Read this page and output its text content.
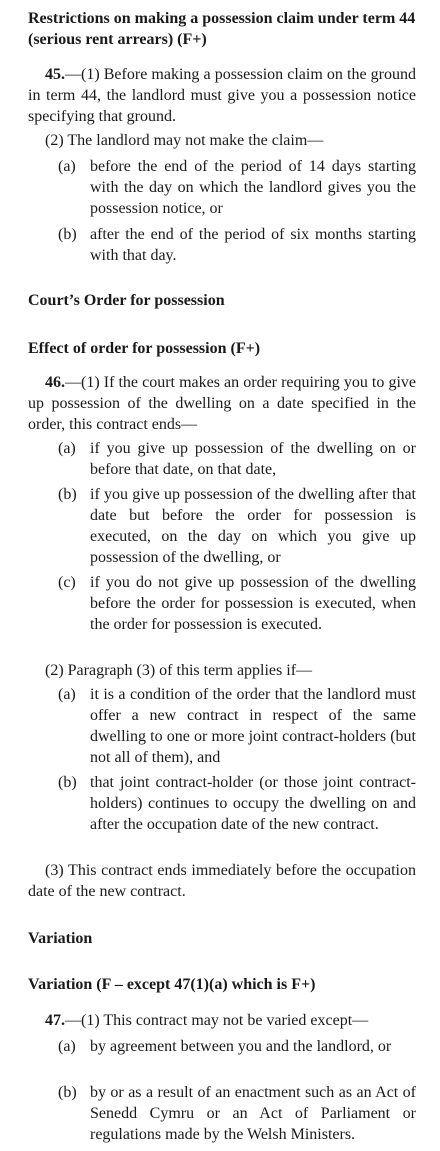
Restrictions on making a possession claim under term 44 (serious rent arrears) (F+)

45.—(1) Before making a possession claim on the ground in term 44, the landlord must give you a possession notice specifying that ground.

(2) The landlord may not make the claim—

(a) before the end of the period of 14 days starting with the day on which the landlord gives you the possession notice, or
(b) after the end of the period of six months starting with that day.

Court’s Order for possession

Effect of order for possession (F+)

46.—(1) If the court makes an order requiring you to give up possession of the dwelling on a date specified in the order, this contract ends—

(a) if you give up possession of the dwelling on or before that date, on that date,
(b) if you give up possession of the dwelling after that date but before the order for possession is executed, on the day on which you give up possession of the dwelling, or
(c) if you do not give up possession of the dwelling before the order for possession is executed, when the order for possession is executed.

(2) Paragraph (3) of this term applies if—

(a) it is a condition of the order that the landlord must offer a new contract in respect of the same dwelling to one or more joint contract-holders (but not all of them), and
(b) that joint contract-holder (or those joint contract-holders) continues to occupy the dwelling on and after the occupation date of the new contract.

(3) This contract ends immediately before the occupation date of the new contract.

Variation

Variation (F – except 47(1)(a) which is F+)

47.—(1) This contract may not be varied except—

(a) by agreement between you and the landlord, or
(b) by or as a result of an enactment such as an Act of Senedd Cymru or an Act of Parliament or regulations made by the Welsh Ministers.
